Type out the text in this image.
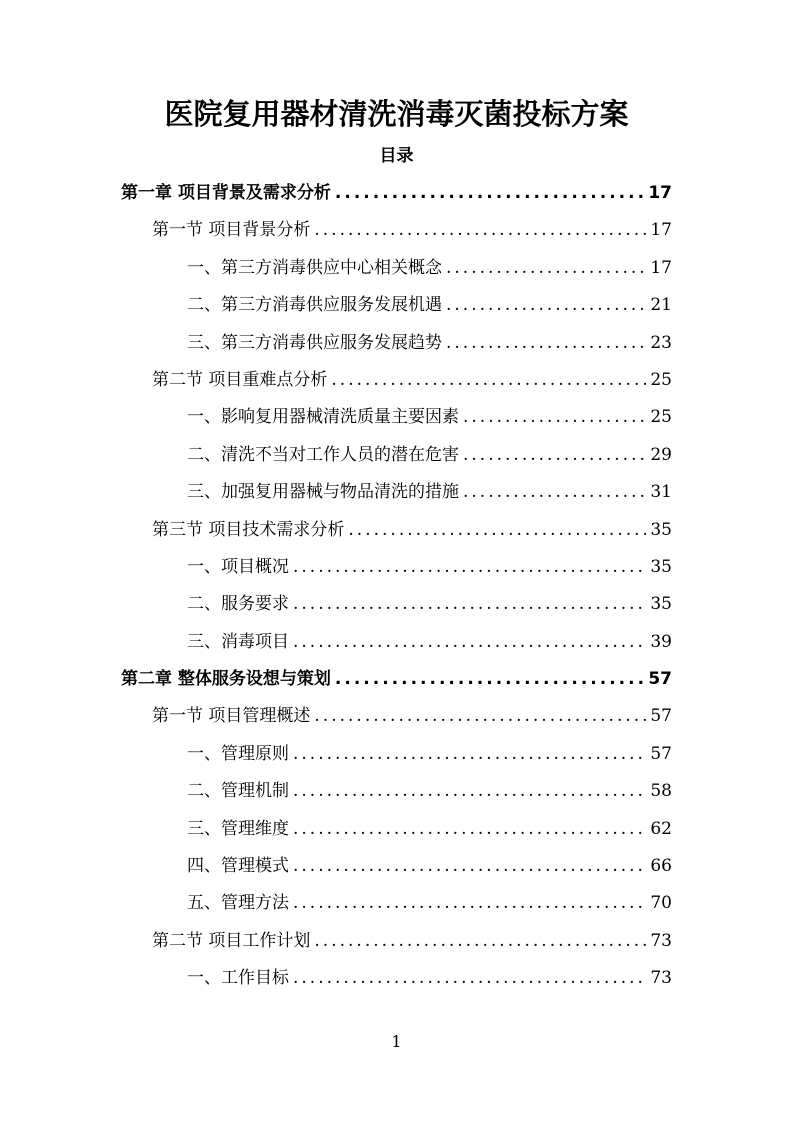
医院复用器材清洗消毒灭菌投标方案
目录
第一章 项目背景及需求分析 .....	17
第一节 项目背景分析 .....	17
一、第三方消毒供应中心相关概念 .....	17
二、第三方消毒供应服务发展机遇 .....	21
三、第三方消毒供应服务发展趋势 .....	23
第二节 项目重难点分析 .....	25
一、影响复用器械清洗质量主要因素 .....	25
二、清洗不当对工作人员的潜在危害 .....	29
三、加强复用器械与物品清洗的措施 .....	31
第三节 项目技术需求分析 .....	35
一、项目概况 .....	35
二、服务要求 .....	35
三、消毒项目 .....	39
第二章 整体服务设想与策划 .....	57
第一节 项目管理概述 .....	57
一、管理原则 .....	57
二、管理机制 .....	58
三、管理维度 .....	62
四、管理模式 .....	66
五、管理方法 .....	70
第二节 项目工作计划 .....	73
一、工作目标 .....	73
1
